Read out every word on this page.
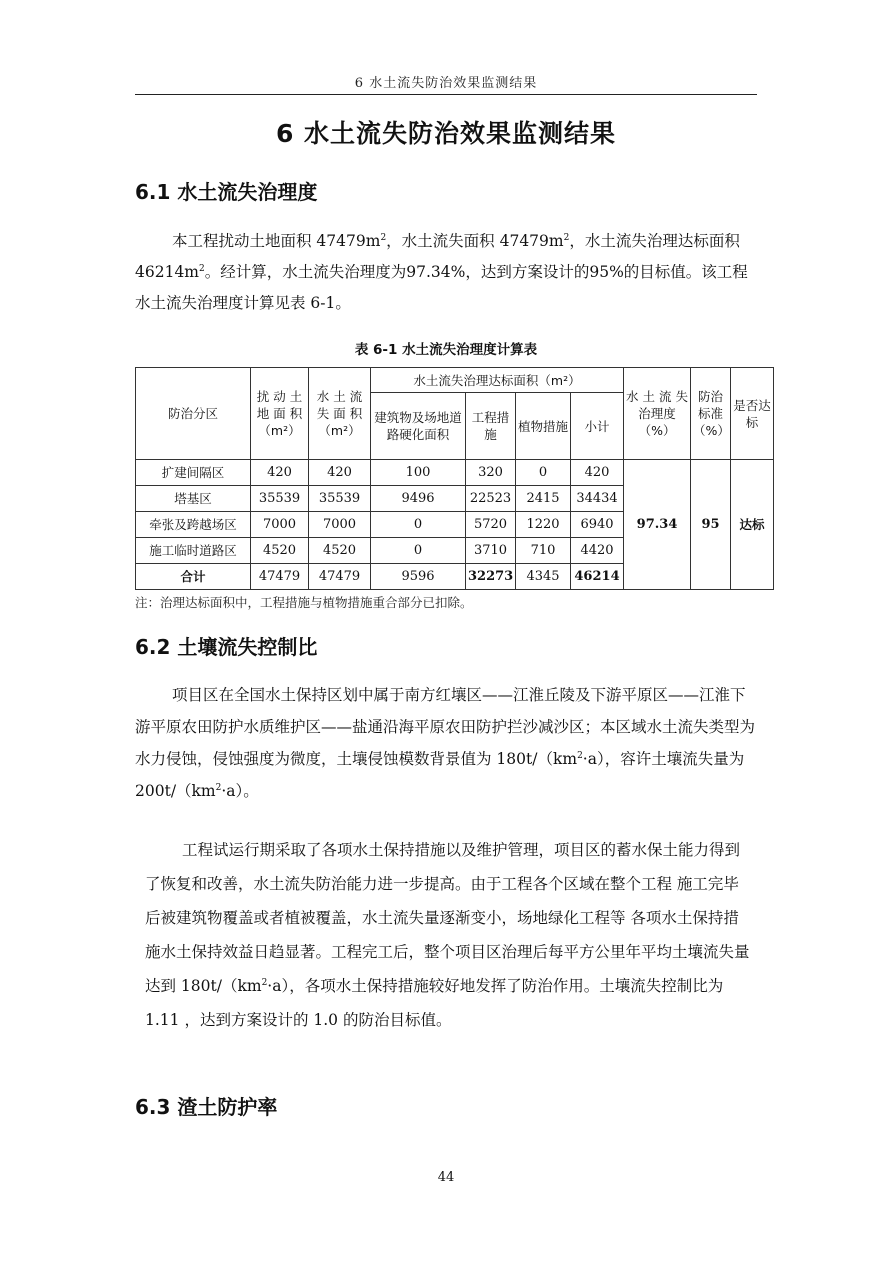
6 水土流失防治效果监测结果
6 水土流失防治效果监测结果
6.1 水土流失治理度

本工程扰动土地面积 $47479m^2$，水土流失面积 $47479m^2$，水土流失治理达标面积 $46214m^2$。经计算，水土流失治理度为97.34%，达到方案设计的95%的目标值。该工程水土流失治理度计算见表 6-1。

表 6-1 水土流失治理度计算表
防治分区	扰 动 土 地 面 积（m²）	水 土 流 失 面 积（m²）	水土流失治理达标面积（m²）				水 土 流 失治理度（%）	防治标准（%）	是否达标
			建筑物及场地道路硬化面积	工程措施	植物措施	小计			
扩建间隔区	420	420	100	320	0	420	97.34	95	达标
塔基区	35539	35539	9496	22523	2415	34434			
牵张及跨越场区	7000	7000	0	5720	1220	6940			
施工临时道路区	4520	4520	0	3710	710	4420			
合计	47479	47479	9596	32273	4345	46214			
注：治理达标面积中，工程措施与植物措施重合部分已扣除。
6.2 土壤流失控制比

项目区在全国水土保持区划中属于南方红壤区——江淮丘陵及下游平原区——江淮下游平原农田防护水质维护区——盐通沿海平原农田防护拦沙减沙区；本区域水土流失类型为水力侵蚀，侵蚀强度为微度，土壤侵蚀模数背景值为 $180t/(km^2\cdot a)$，容许土壤流失量为 $200t/(km^2\cdot a)$。

工程试运行期采取了各项水土保持措施以及维护管理，项目区的蓄水保土能力得到了恢复和改善，水土流失防治能力进一步提高。由于工程各个区域在整个工程 施工完毕后被建筑物覆盖或者植被覆盖，水土流失量逐渐变小，场地绿化工程等 各项水土保持措施水土保持效益日趋显著。工程完工后，整个项目区治理后每平方公里年平均土壤流失量达到 $180t/(km^2\cdot a)$，各项水土保持措施较好地发挥了防治作用。土壤流失控制比为 1.11 ，达到方案设计的 1.0 的防治目标值。

6.3 渣土防护率
44
